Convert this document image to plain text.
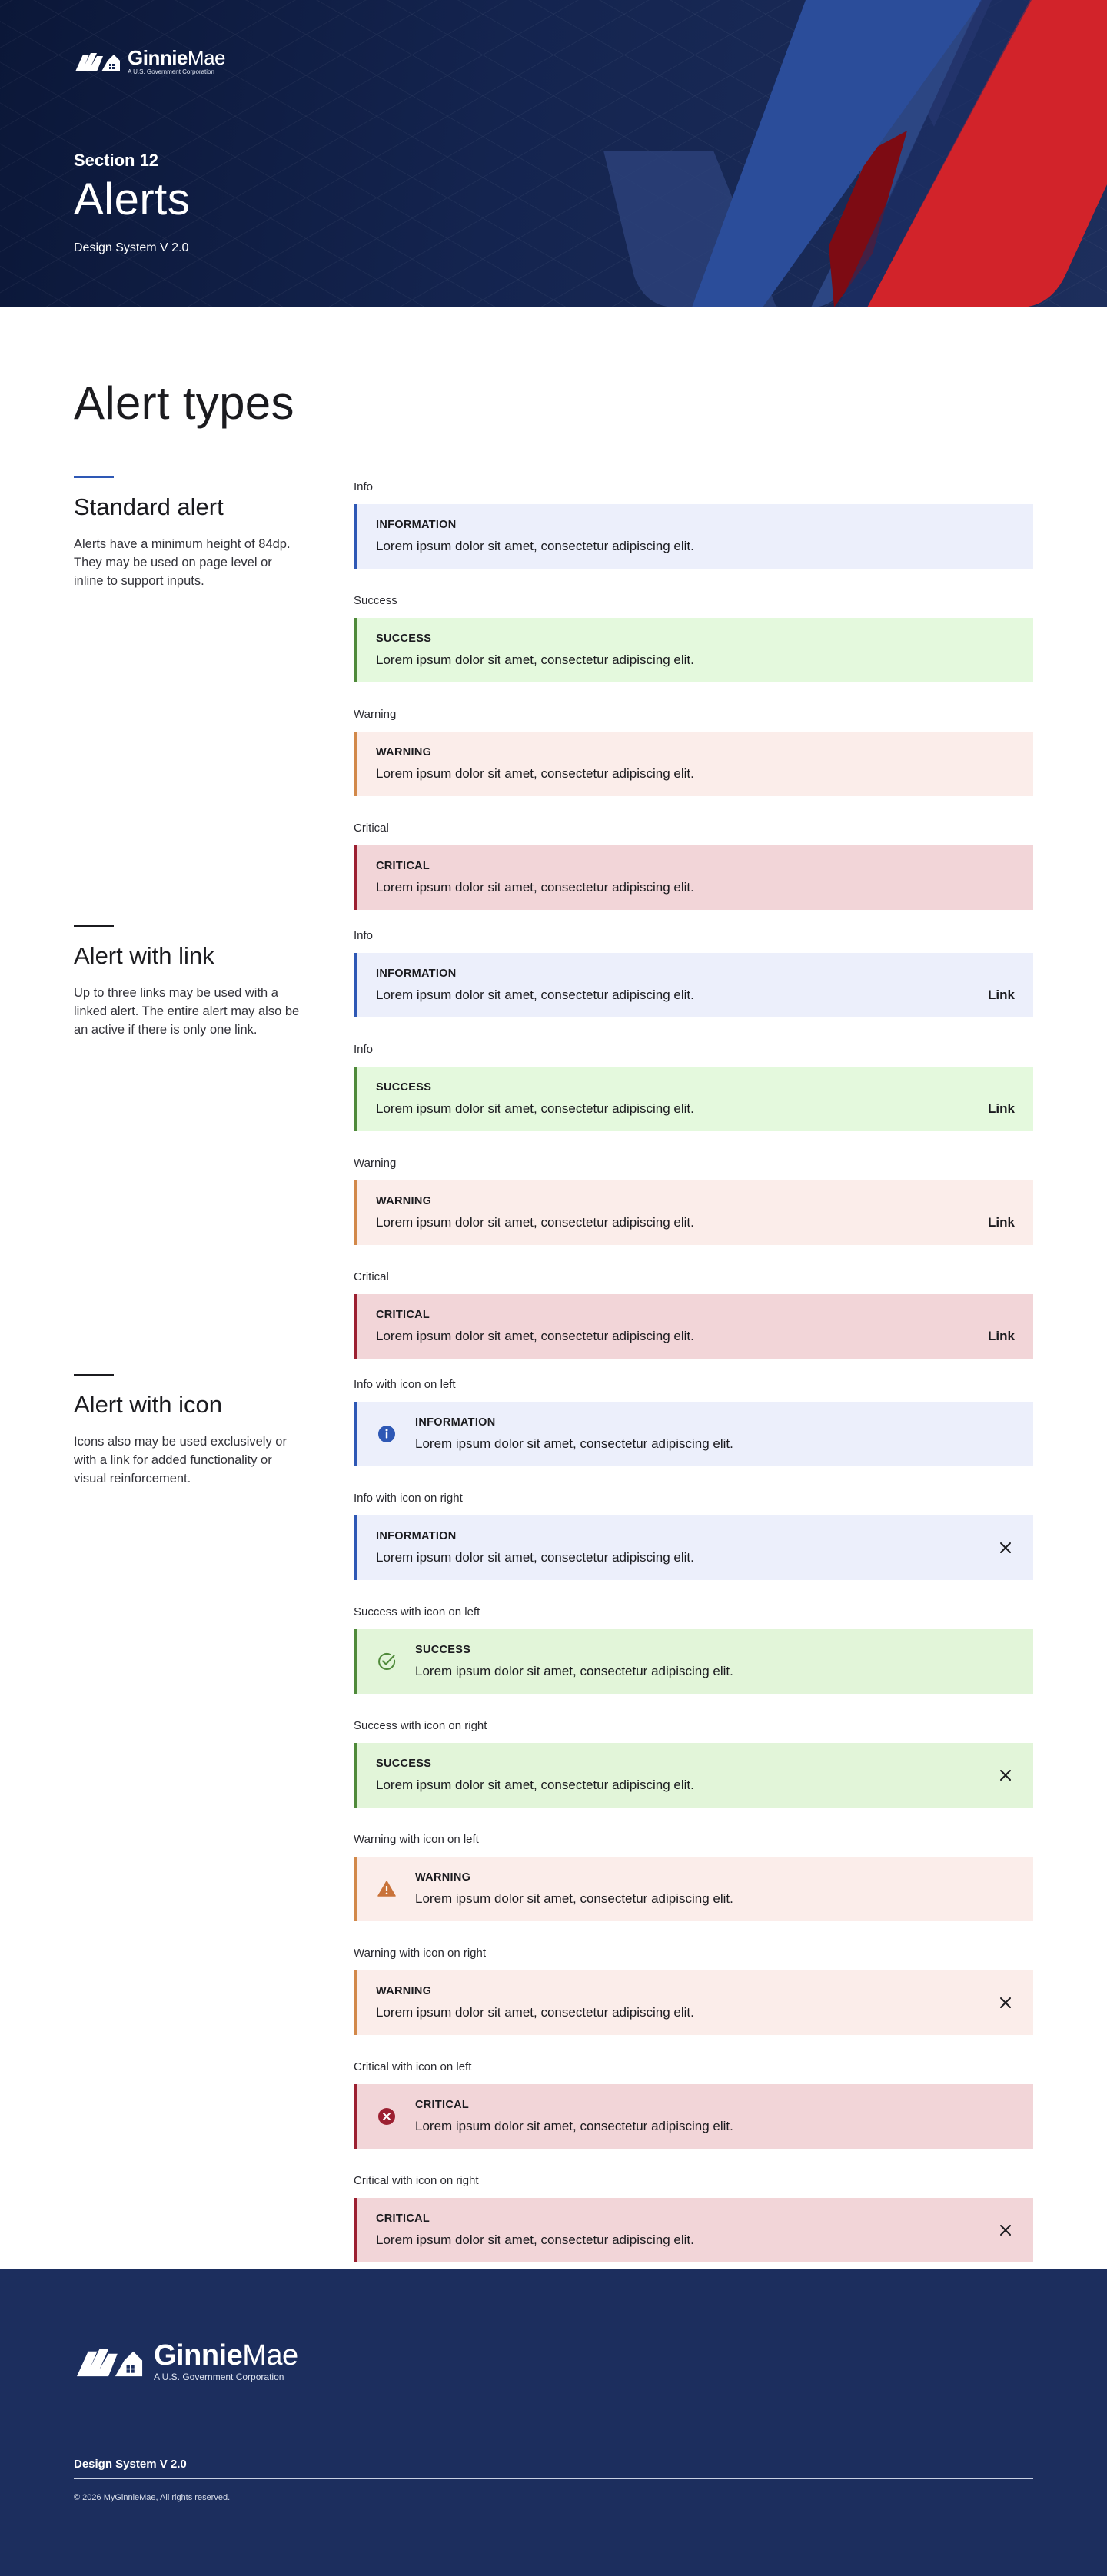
GinnieMae
A U.S. Government Corporation
Section 12
Alerts
Design System V 2.0
Alert types
Standard alert

Alerts have a minimum height of 84dp. They may be used on page level or inline to support inputs.

Info
INFORMATION
Lorem ipsum dolor sit amet, consectetur adipiscing elit.
Success
SUCCESS
Lorem ipsum dolor sit amet, consectetur adipiscing elit.
Warning
WARNING
Lorem ipsum dolor sit amet, consectetur adipiscing elit.
Critical
CRITICAL
Lorem ipsum dolor sit amet, consectetur adipiscing elit.
Alert with link

Up to three links may be used with a linked alert. The entire alert may also be an active if there is only one link.

Info
INFORMATION
Lorem ipsum dolor sit amet, consectetur adipiscing elit.	Link
Info
SUCCESS
Lorem ipsum dolor sit amet, consectetur adipiscing elit.	Link
Warning
WARNING
Lorem ipsum dolor sit amet, consectetur adipiscing elit.	Link
Critical
CRITICAL
Lorem ipsum dolor sit amet, consectetur adipiscing elit.	Link
Alert with icon

Icons also may be used exclusively or with a link for added functionality or visual reinforcement.

Info with icon on left
INFORMATION
Lorem ipsum dolor sit amet, consectetur adipiscing elit.
Info with icon on right
INFORMATION
Lorem ipsum dolor sit amet, consectetur adipiscing elit.
Success with icon on left
SUCCESS
Lorem ipsum dolor sit amet, consectetur adipiscing elit.
Success with icon on right
SUCCESS
Lorem ipsum dolor sit amet, consectetur adipiscing elit.
Warning with icon on left
WARNING
Lorem ipsum dolor sit amet, consectetur adipiscing elit.
Warning with icon on right
WARNING
Lorem ipsum dolor sit amet, consectetur adipiscing elit.
Critical with icon on left
CRITICAL
Lorem ipsum dolor sit amet, consectetur adipiscing elit.
Critical with icon on right
CRITICAL
Lorem ipsum dolor sit amet, consectetur adipiscing elit.
GinnieMae
A U.S. Government Corporation
Design System V 2.0
© 2026 MyGinnieMae, All rights reserved.
